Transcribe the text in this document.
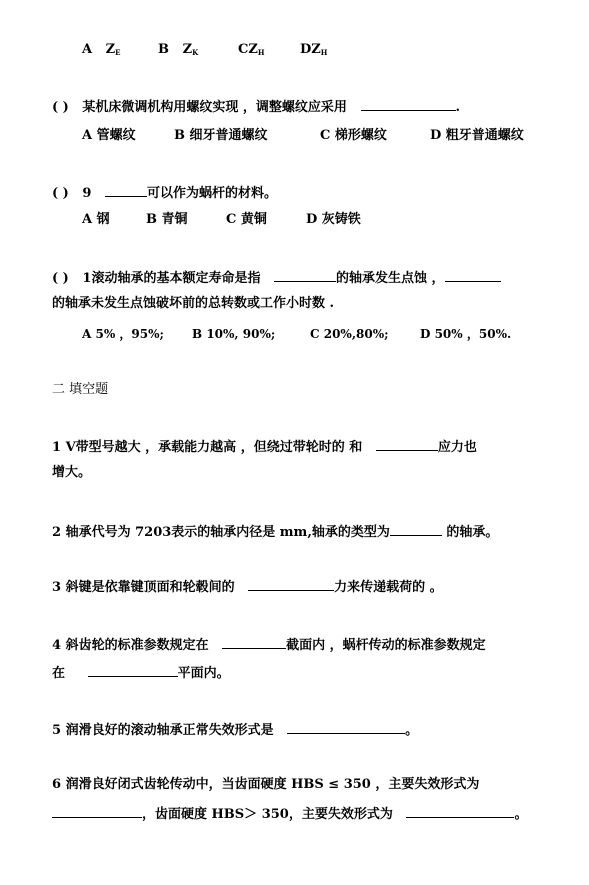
A $Z_E$	B $Z_K$	$CZ_H$	$DZ_H$
( ) 某机床微调机构用螺纹实现 ，调整螺纹应采用	.
A 管螺纹	B 细牙普通螺纹	C 梯形螺纹	D 粗牙普通螺纹
( ) 9	可以作为蜗杆的材料。
A 钢	B 青铜	C 黄铜	D 灰铸铁
( ) 1滚动轴承的基本额定寿命是指	的轴承发生点蚀 ，
的轴承未发生点蚀破坏前的总转数或工作小时数 .
A 5% ，95%; B 10%, 90%;	C 20%,80%;	D 50% ，50%.
二 填空题
1 V带型号越大 ，承载能力越高 ，但绕过带轮时的 和	应力也
增大。
2 轴承代号为 7203表示的轴承内径是 mm,轴承的类型为	的轴承。
3 斜键是依靠键顶面和轮毂间的	力来传递载荷的 。
4 斜齿轮的标准参数规定在	截面内 ，蜗杆传动的标准参数规定
在	平面内。
5 润滑良好的滚动轴承正常失效形式是	。
6 润滑良好闭式齿轮传动中，当齿面硬度 HBS ≤ 350 ，主要失效形式为
，齿面硬度 HBS＞ 350，主要失效形式为	。
